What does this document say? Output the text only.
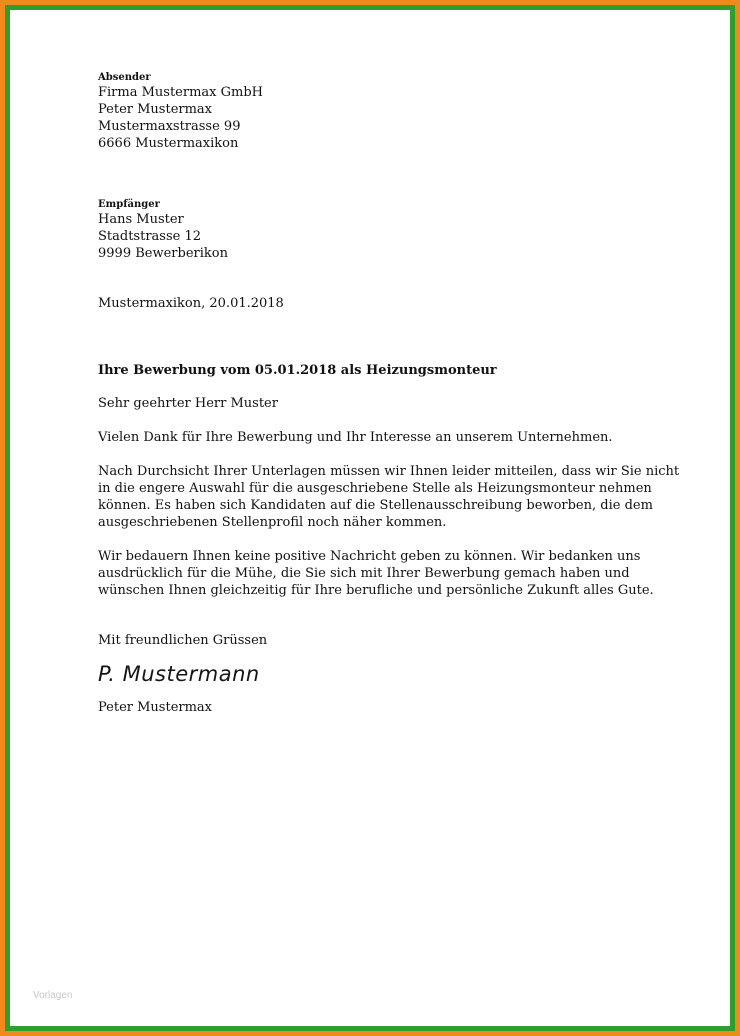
Absender

Firma Mustermax GmbH
Peter Mustermax
Mustermaxstrasse 99
6666 Mustermaxikon

Empfänger

Hans Muster
Stadtstrasse 12
9999 Bewerberikon
Mustermaxikon, 20.01.2018

Ihre Bewerbung vom 05.01.2018 als Heizungsmonteur

Sehr geehrter Herr Muster

Vielen Dank für Ihre Bewerbung und Ihr Interesse an unserem Unternehmen.
Nach Durchsicht Ihrer Unterlagen müssen wir Ihnen leider mitteilen, dass wir Sie nicht
in die engere Auswahl für die ausgeschriebene Stelle als Heizungsmonteur nehmen
können. Es haben sich Kandidaten auf die Stellenausschreibung beworben, die dem
ausgeschriebenen Stellenprofil noch näher kommen.
Wir bedauern Ihnen keine positive Nachricht geben zu können. Wir bedanken uns
ausdrücklich für die Mühe, die Sie sich mit Ihrer Bewerbung gemach haben und
wünschen Ihnen gleichzeitig für Ihre berufliche und persönliche Zukunft alles Gute.

Mit freundlichen Grüssen

P. Mustermann

Peter Mustermax

Vorlagen
